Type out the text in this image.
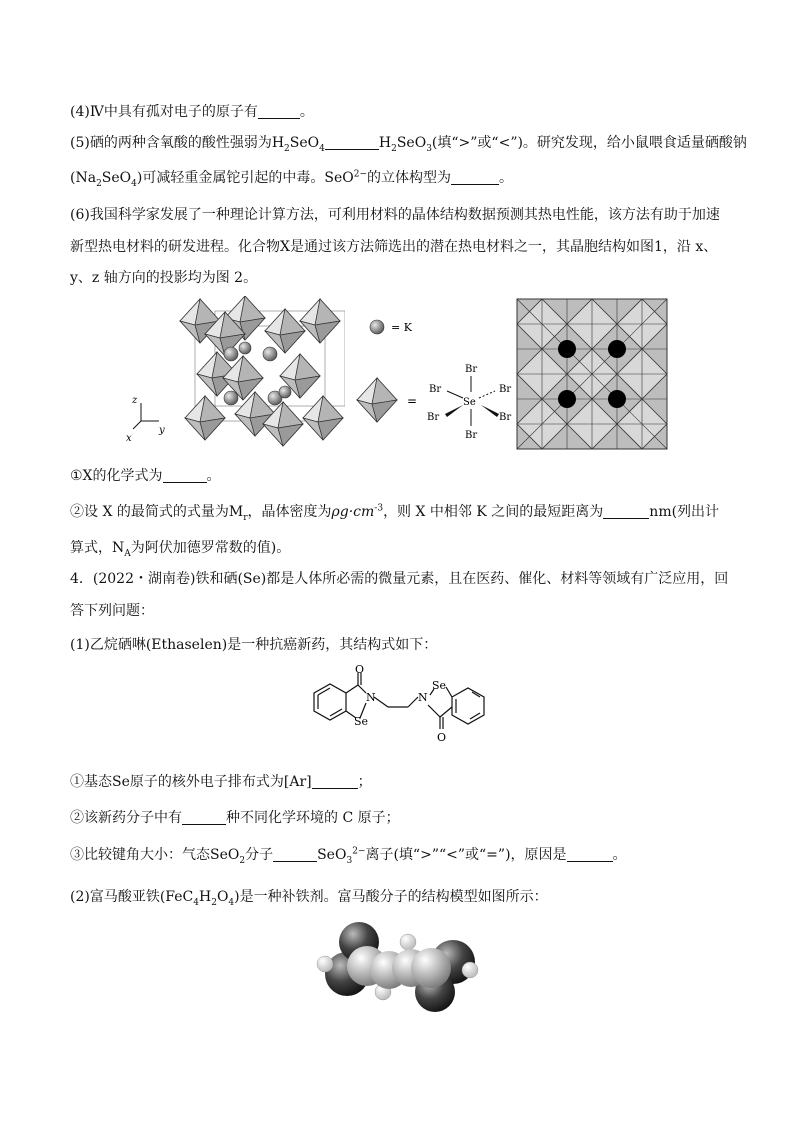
(4)Ⅳ中具有孤对电子的原子有	。
(5)硒的两种含氧酸的酸性强弱为$H_2SeO_4$	$H_2SeO_3$(填“>”或“<”)。研究发现，给小鼠喂食适量硒酸钠
$(Na_2SeO_4)$可减轻重金属铊引起的中毒。SeO$^{2-}$的立体构型为	。
(6)我国科学家发展了一种理论计算方法，可利用材料的晶体结构数据预测其热电性能，该方法有助于加速
新型热电材料的研发进程。化合物X是通过该方法筛选出的潜在热电材料之一，其晶胞结构如图1，沿 x、
y、z 轴方向的投影均为图 2。
z
y
x
= K
=	Se
Br
Br
Br	Br
Br	Br
①X的化学式为	。
②设 X 的最简式的式量为$M_r$，晶体密度为$\rho g\cdot cm^{-3}$，则 X 中相邻 K 之间的最短距离为	nm(列出计
算式，$N_A$为阿伏加德罗常数的值)。
4．(2022・湖南卷)铁和硒(Se)都是人体所必需的微量元素，且在医药、催化、材料等领域有广泛应用，回
答下列问题：
(1)乙烷硒啉(Ethaselen)是一种抗癌新药，其结构式如下：
O
N
Se
N
Se
O
①基态Se原子的核外电子排布式为[Ar]	；
②该新药分子中有	种不同化学环境的 C 原子；
③比较键角大小：气态SeO$_2$分子	SeO$_3^{2-}$离子(填“>”“<”或“=”)，原因是	。
(2)富马酸亚铁$(FeC_4H_2O_4)$是一种补铁剂。富马酸分子的结构模型如图所示：
